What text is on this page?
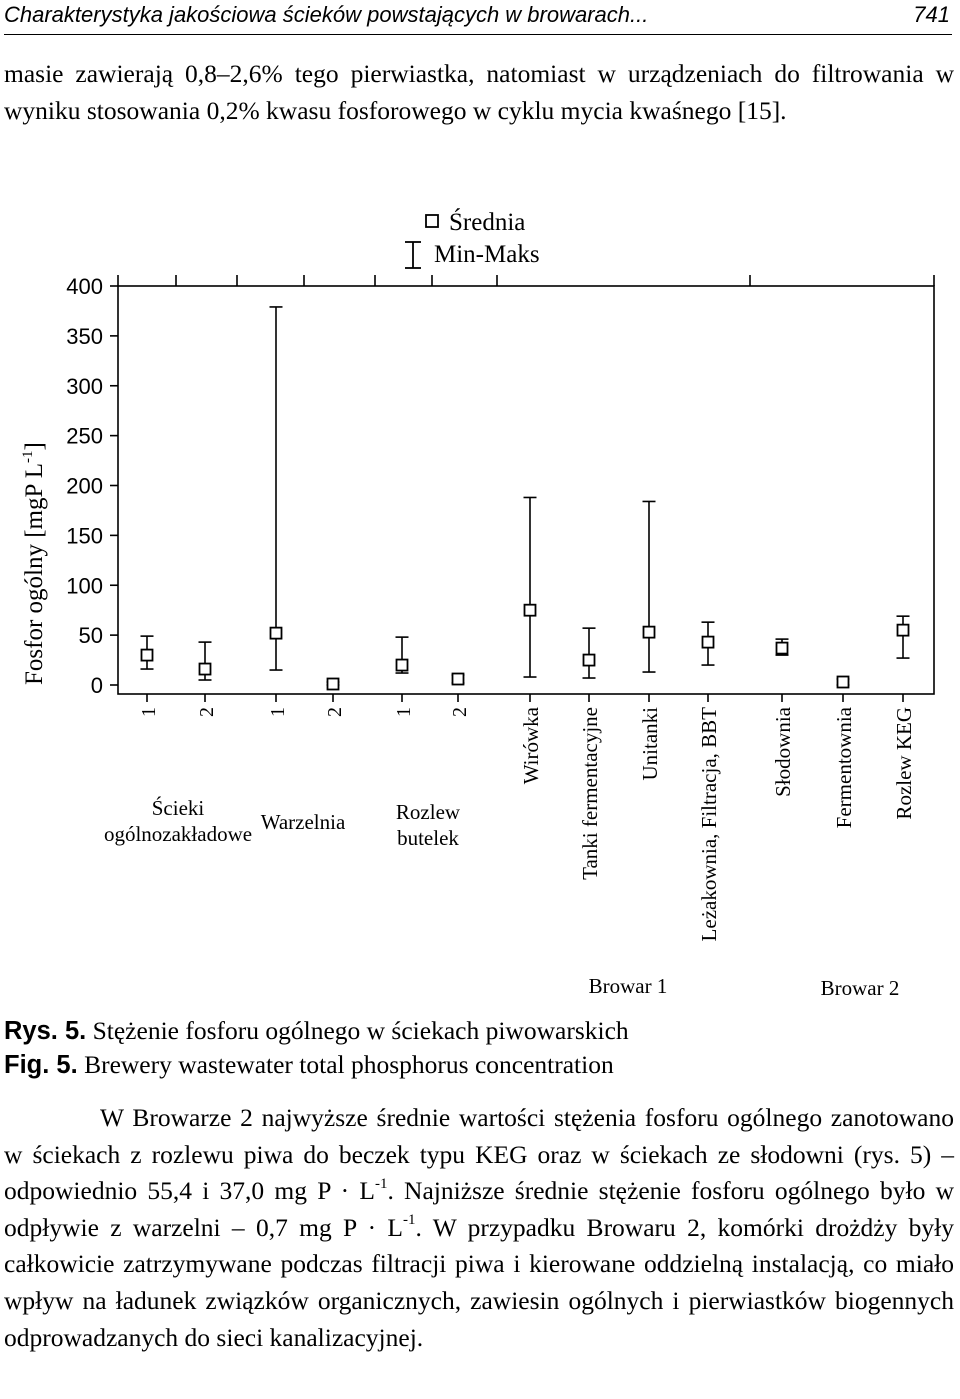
Charakterystyka jakościowa ścieków powstających w browarach...	741
masie zawierają 0,8–2,6% tego pierwiastka, natomiast w urządzeniach do filtrowania w wyniku stosowania 0,2% kwasu fosforowego w cyklu mycia kwaśnego [15].
Średnia
Min-Maks
0
50
100
150
200
250
300
350
400
1 2 1 2 1 2 Wirówka Tanki fermentacyjne Unitanki Leżakownia, Filtracja, BBT Słodownia Fermentownia Rozlew KEG
Fosfor ogólny [mgP $L^{-1}$]
Ścieki
ogólnozakładowe Warzelnia Rozlew
butelek
Browar 1	Browar 2
Rys. 5. Stężenie fosforu ogólnego w ściekach piwowarskich
Fig. 5. Brewery wastewater total phosphorus concentration
W Browarze 2 najwyższe średnie wartości stężenia fosforu ogólnego zanotowano w ściekach z rozlewu piwa do beczek typu KEG oraz w ściekach ze słodowni (rys. 5) – odpowiednio 55,4 i 37,0 mg $P \cdot L^{-1}$. Najniższe średnie stężenie fosforu ogólnego było w odpływie z warzelni – 0,7 mg $P \cdot L^{-1}$. W przypadku Browaru 2, komórki drożdży były całkowicie zatrzymywane podczas filtracji piwa i kierowane oddzielną instalacją, co miało wpływ na ładunek związków organicznych, zawiesin ogólnych i pierwiastków biogennych odprowadzanych do sieci kanalizacyjnej.
